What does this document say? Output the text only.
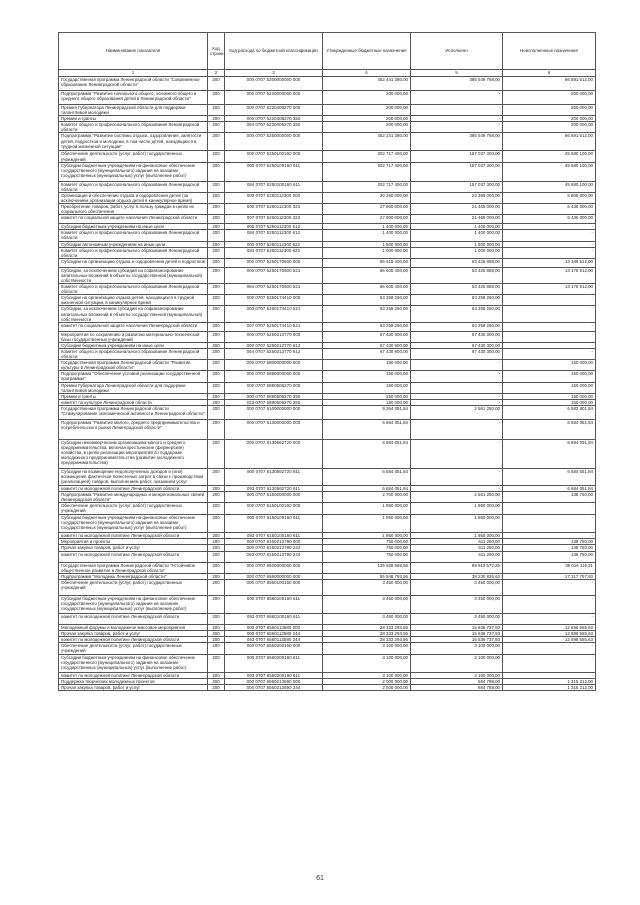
Наименование показателя	Код строки	Код расхода по бюджетной классификации	Утвержденные бюджетные назначения	Исполнено	Неисполненные назначения
1	2	3	4	5	6
Государственная программа Ленинградской области "Современное образование Ленинградской области"	200	000 0707 5200000000 000	452 441 380,00	385 549 768,00	66 891 612,00
Подпрограмма "Развитие начального общего, основного общего и среднего общего образования детей в Ленинградской области"	200	000 0707 5220000000 000	200 000,00	-	200 000,00
Премия Губернатора Ленинградской области для поддержки талантливой молодежи	200	000 0707 5220406270 000	200 000,00	-	200 000,00
Премии и гранты	200	000 0707 5220406270 350	200 000,00	-	200 000,00
Комитет общего и профессионального образования Ленинградской области	200	084 0707 5220406270 350	200 000,00	-	200 000,00
Подпрограмма "Развитие системы отдыха, оздоровления, занятости детей, подростков и молодежи, в том числе детей, находящихся в трудной жизненной ситуации"	200	000 0707 5250000000 000	452 241 380,00	385 549 768,00	66 691 612,00
Обеспечение деятельности (услуг, работ) государственных учреждений	200	000 0707 5250100160 000	202 717 400,00	157 037 300,00	45 680 100,00
Субсидии бюджетным учреждениям на финансовое обеспечение государственного (муниципального) задания на оказание государственных (муниципальных) услуг (выполнение работ)	200	000 0707 5250100160 611	202 717 400,00	157 037 300,00	45 680 100,00
Комитет общего и профессионального образования Ленинградской области	200	084 0707 5250100160 611	202 717 400,00	157 037 300,00	45 680 100,00
Организация и обеспечение отдыха и оздоровления детей (за исключением организации отдыха детей в каникулярное время)	200	000 0707 5250112300 000	30 260 000,00	24 385 000,00	5 805 000,00
Приобретение товаров, работ, услуг в пользу граждан в целях их социального обеспечения	200	000 0707 5250112300 323	27 900 000,00	21 465 000,00	6 435 000,00
комитет по социальной защите населения Ленинградской области	200	007 0707 5250112300 323	27 900 000,00	21 465 000,00	6 435 000,00
Субсидии бюджетным учреждениям на иные цели	200	000 0707 5250112300 612	1 400 000,00	1 400 000,00	-
Комитет общего и профессионального образования Ленинградской области	200	084 0707 5250112300 612	1 400 000,00	1 400 000,00	-
Субсидии автономным учреждениям на иные цели	200	000 0707 5250112300 622	1 500 000,00	1 500 000,00	-
Комитет общего и профессионального образования Ленинградской области	200	084 0707 5250112300 622	1 000 000,00	1 000 000,00	-
Субсидии на организацию отдыха и оздоровления детей и подростков	200	000 0707 5250170600 000	66 615 400,00	53 426 888,00	13 188 512,00
Субсидии, за исключением субсидий на софинансирование капитальных вложений в объекты государственной (муниципальной) собственности	200	000 0707 5250170600 521	66 605 400,00	53 426 888,00	13 178 512,00
Комитет общего и профессионального образования Ленинградской области	200	084 0707 5250170600 521	66 605 400,00	53 426 888,00	13 178 512,00
Субсидии на организацию отдыха детей, находящихся в трудной жизненной ситуации, в каникулярное время	200	000 0707 5250174410 000	63 258 260,00	63 258 260,00	-
Субсидии, за исключением субсидий на софинансирование капитальных вложений в объекты государственной (муниципальной) собственности	200	000 0707 5250174410 521	63 258 260,00	63 258 260,00	-
комитет по социальной защите населения Ленинградской области	200	007 0707 5250174410 521	63 258 260,00	63 258 260,00	-
Мероприятия по сохранению и развитию материально-технической базы государственных учреждений	200	000 0707 5250213770 000	67 430 900,00	67 430 300,00	-
Субсидии бюджетным учреждениям на иные цели	200	000 0707 5250213770 612	67 430 900,00	67 430 300,00	-
Комитет общего и профессионального образования Ленинградской области	200	084 0707 5250213770 612	67 430 900,00	67 430 300,00	-
Государственная программа Ленинградской области "Развитие культуры в Ленинградской области"	200	000 0707 5800000000 000	150 000,00	-	150 000,00
Подпрограмма "Обеспечение условий реализации государственной программы"	200	000 0707 5880000000 000	150 000,00	-	150 000,00
Премии Губернатора Ленинградской области для поддержки талантливой молодежи	200	000 0707 5880506270 000	150 000,00	-	150 000,00
Премии и гранты	200	000 0707 5880506270 350	150 000,00	-	150 000,00
комитет по культуре Ленинградской области	200	023 0707 5880506270 350	150 000,00	-	150 000,00
Государственная программа Ленинградской области "Стимулирование экономической активности Ленинградской области"	200	000 0707 6100000000 000	9 264 051,84	2 561 250,00	6 582 801,84
Подпрограмма "Развитие малого, среднего предпринимательства и потребительского рынка Ленинградской области"	200	000 0707 6130000000 000	6 684 051,84	-	6 684 051,84
Субсидии некоммерческим организациям малого и среднего предпринимательства, включая крестьянские (фермерские) хозяйства, в целях реализации мероприятий по поддержке молодежного предпринимательства (развитие молодежного предпринимательства)	200	000 0707 6130562720 000	6 684 051,84	-	6 684 051,84
Субсидии на возмещение недополученных доходов и (или) возмещение фактически понесенных затрат в связи с производством (реализацией) товаров, выполнением работ, оказанием услуг	200	000 0707 6130562720 811	6 684 051,84	-	6 684 051,84
комитет по молодежной политике Ленинградской области	200	093 0707 6130562720 811	6 684 051,84	-	6 684 051,84
Подпрограмма "Развитие международных и межрегиональных связей Ленинградской области"	200	000 0707 6150000000 000	2 700 000,00	2 561 250,00	138 750,00
Обеспечение деятельности (услуг, работ) государственных учреждений	200	000 0707 6150100160 000	1 950 000,00	1 950 000,00	-
Субсидии бюджетным учреждениям на финансовое обеспечение государственного (муниципального) задания на оказание государственных (муниципальных) услуг (выполнение работ)	200	000 0707 6150100160 611	1 950 000,00	1 950 000,00	-
комитет по молодежной политике Ленинградской области	200	093 0707 6150100160 611	1 950 000,00	1 950 000,00	-
Мероприятия и проекты	200	000 0707 6150213780 000	750 000,00	611 250,00	138 750,00
Прочая закупка товаров, работ и услуг	200	000 0707 6150213780 244	750 000,00	611 250,00	138 750,00
комитет по молодежной политике Ленинградской области	200	093 0707 6150213780 244	750 000,00	611 250,00	138 750,00
Государственная программа Ленинградской области "Устойчивое общественное развитие в Ленинградской области"	200	000 0707 6500000000 000	135 928 688,56	99 913 572,25	36 015 116,31
Подпрограмма "Молодежь Ленинградской области"	200	000 0707 6560000000 000	55 548 793,56	38 230 836,63	17 317 757,93
Обеспечение деятельности (услуг, работ) государственных учреждений	200	000 0707 6560100160 000	3 450 000,00	3 450 000,00	-
Субсидии бюджетным учреждениям на финансовое обеспечение государственного (муниципального) задания на оказание государственных (муниципальных) услуг (выполнение работ)	200	000 0707 6560100160 611	3 450 000,00	3 450 000,00	-
комитет по молодежной политике Ленинградской области	200	093 0707 6560100160 611	3 450 000,00	3 450 000,00	-
Молодежный форумы и молодежное массовое мероприятия	200	000 0707 6560113580 000	28 333 293,56	15 636 737,93	12 696 555,63
Прочая закупка товаров, работ и услуг	200	000 0707 6560113580 244	28 333 293,56	15 636 737,93	12 696 555,63
комитет по молодежной политике Ленинградской области	200	093 0707 6560113580 244	28 333 293,56	15 636 737,93	12 696 555,63
Обеспечение деятельности (услуг, работ) государственных учреждений	200	000 0707 6560200160 000	3 100 000,00	3 100 000,00	-
Субсидии бюджетным учреждениям на финансовое обеспечение государственного (муниципального) задания на оказание государственных (муниципальных) услуг (выполнение работ)	200	000 0707 6560200160 611	3 100 000,00	3 100 000,00	-
комитет по молодежной политике Ленинградской области	200	093 0707 6560200160 611	3 100 000,00	3 100 000,00	-
Поддержка творческих молодежных проектов	200	000 0707 6560213590 000	2 000 000,00	684 788,00	1 315 212,00
Прочая закупка товаров, работ и услуг	200	000 0707 6560213590 244	2 000 000,00	684 788,00	1 315 212,00
61
